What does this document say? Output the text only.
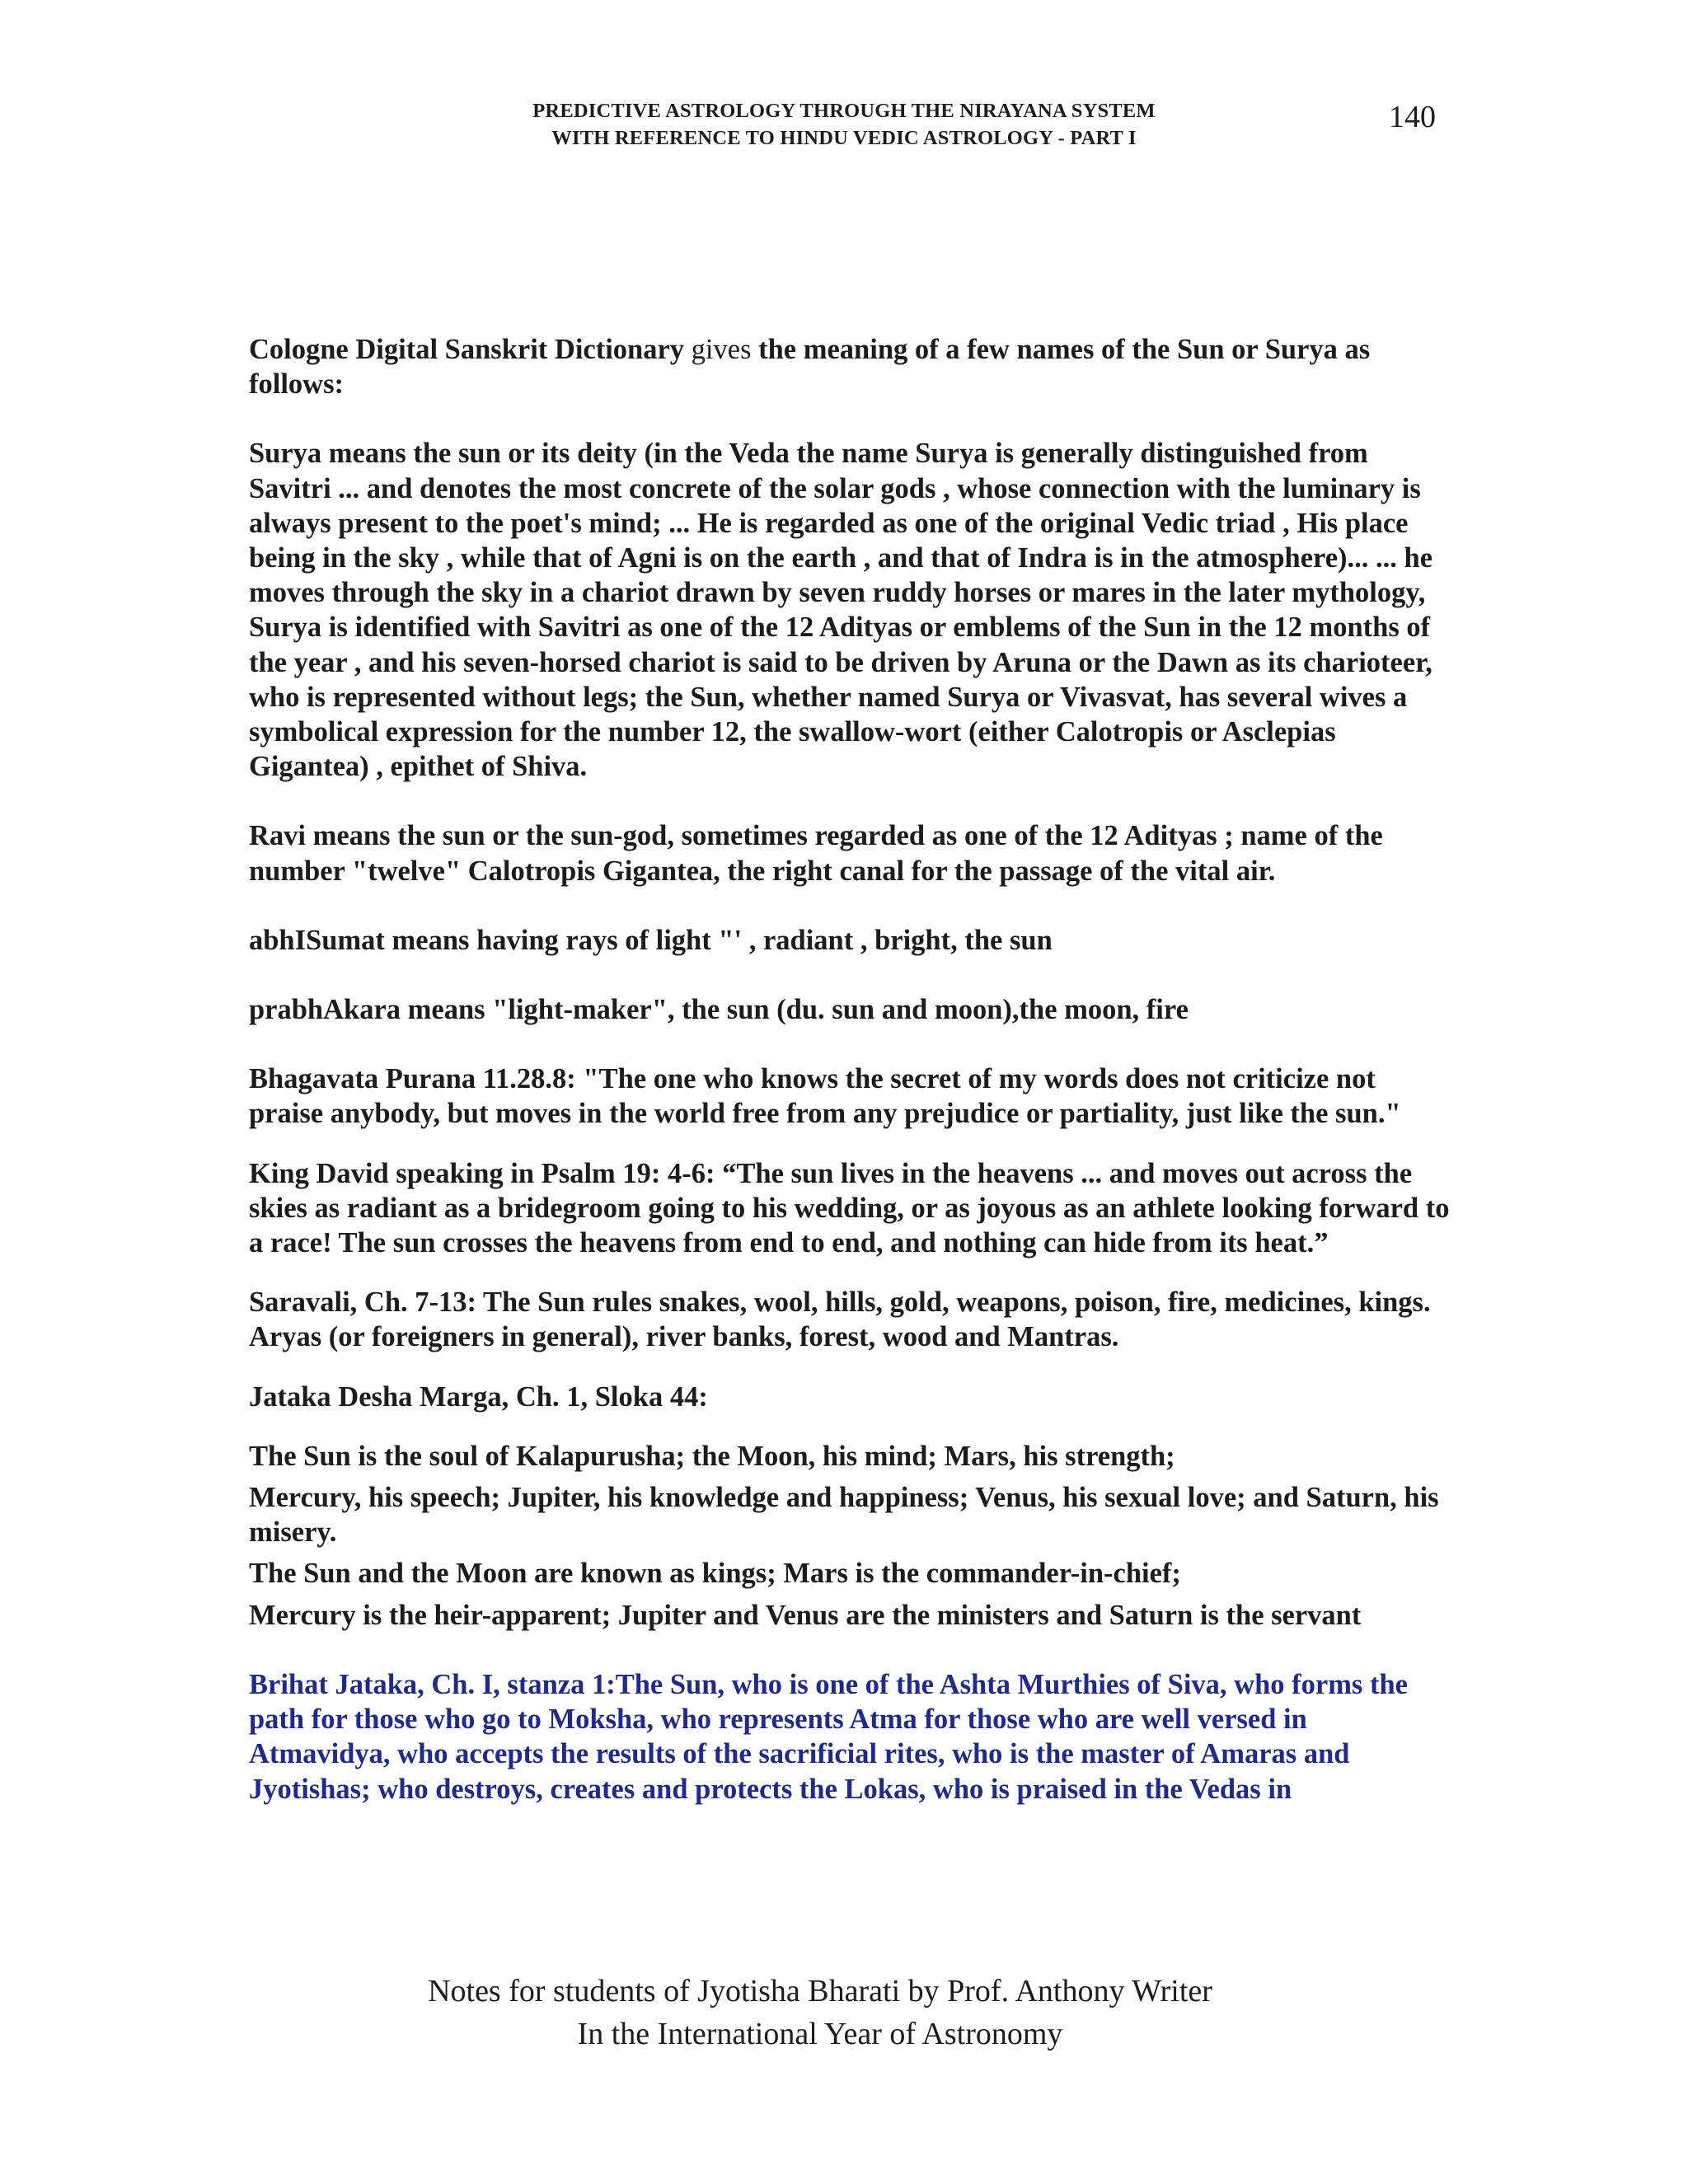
PREDICTIVE ASTROLOGY THROUGH THE NIRAYANA SYSTEM
WITH REFERENCE TO HINDU VEDIC ASTROLOGY - PART I
140

Cologne Digital Sanskrit Dictionary gives the meaning of a few names of the Sun or Surya as follows:

Surya means the sun or its deity (in the Veda the name Surya is generally distinguished from Savitri ... and denotes the most concrete of the solar gods , whose connection with the luminary is always present to the poet's mind; ... He is regarded as one of the original Vedic triad , His place being in the sky , while that of Agni is on the earth , and that of Indra is in the atmosphere)... ... he moves through the sky in a chariot drawn by seven ruddy horses or mares in the later mythology, Surya is identified with Savitri as one of the 12 Adityas or emblems of the Sun in the 12 months of the year , and his seven-horsed chariot is said to be driven by Aruna or the Dawn as its charioteer, who is represented without legs; the Sun, whether named Surya or Vivasvat, has several wives a symbolical expression for the number 12, the swallow-wort (either Calotropis or Asclepias Gigantea) , epithet of Shiva.

Ravi means the sun or the sun-god, sometimes regarded as one of the 12 Adityas ; name of the number "twelve" Calotropis Gigantea, the right canal for the passage of the vital air.

abhISumat means having rays of light "' , radiant , bright, the sun

prabhAkara means "light-maker", the sun (du. sun and moon),the moon, fire

Bhagavata Purana 11.28.8: "The one who knows the secret of my words does not criticize not praise anybody, but moves in the world free from any prejudice or partiality, just like the sun."

King David speaking in Psalm 19: 4-6: “The sun lives in the heavens ... and moves out across the skies as radiant as a bridegroom going to his wedding, or as joyous as an athlete looking forward to a race! The sun crosses the heavens from end to end, and nothing can hide from its heat.”

Saravali, Ch. 7-13: The Sun rules snakes, wool, hills, gold, weapons, poison, fire, medicines, kings. Aryas (or foreigners in general), river banks, forest, wood and Mantras.

Jataka Desha Marga, Ch. 1, Sloka 44:

The Sun is the soul of Kalapurusha; the Moon, his mind; Mars, his strength;

Mercury, his speech; Jupiter, his knowledge and happiness; Venus, his sexual love; and Saturn, his misery.

The Sun and the Moon are known as kings; Mars is the commander-in-chief;

Mercury is the heir-apparent; Jupiter and Venus are the ministers and Saturn is the servant

Brihat Jataka, Ch. I, stanza 1:The Sun, who is one of the Ashta Murthies of Siva, who forms the path for those who go to Moksha, who represents Atma for those who are well versed in Atmavidya, who accepts the results of the sacrificial rites, who is the master of Amaras and Jyotishas; who destroys, creates and protects the Lokas, who is praised in the Vedas in

Notes for students of Jyotisha Bharati by Prof. Anthony Writer
In the International Year of Astronomy
